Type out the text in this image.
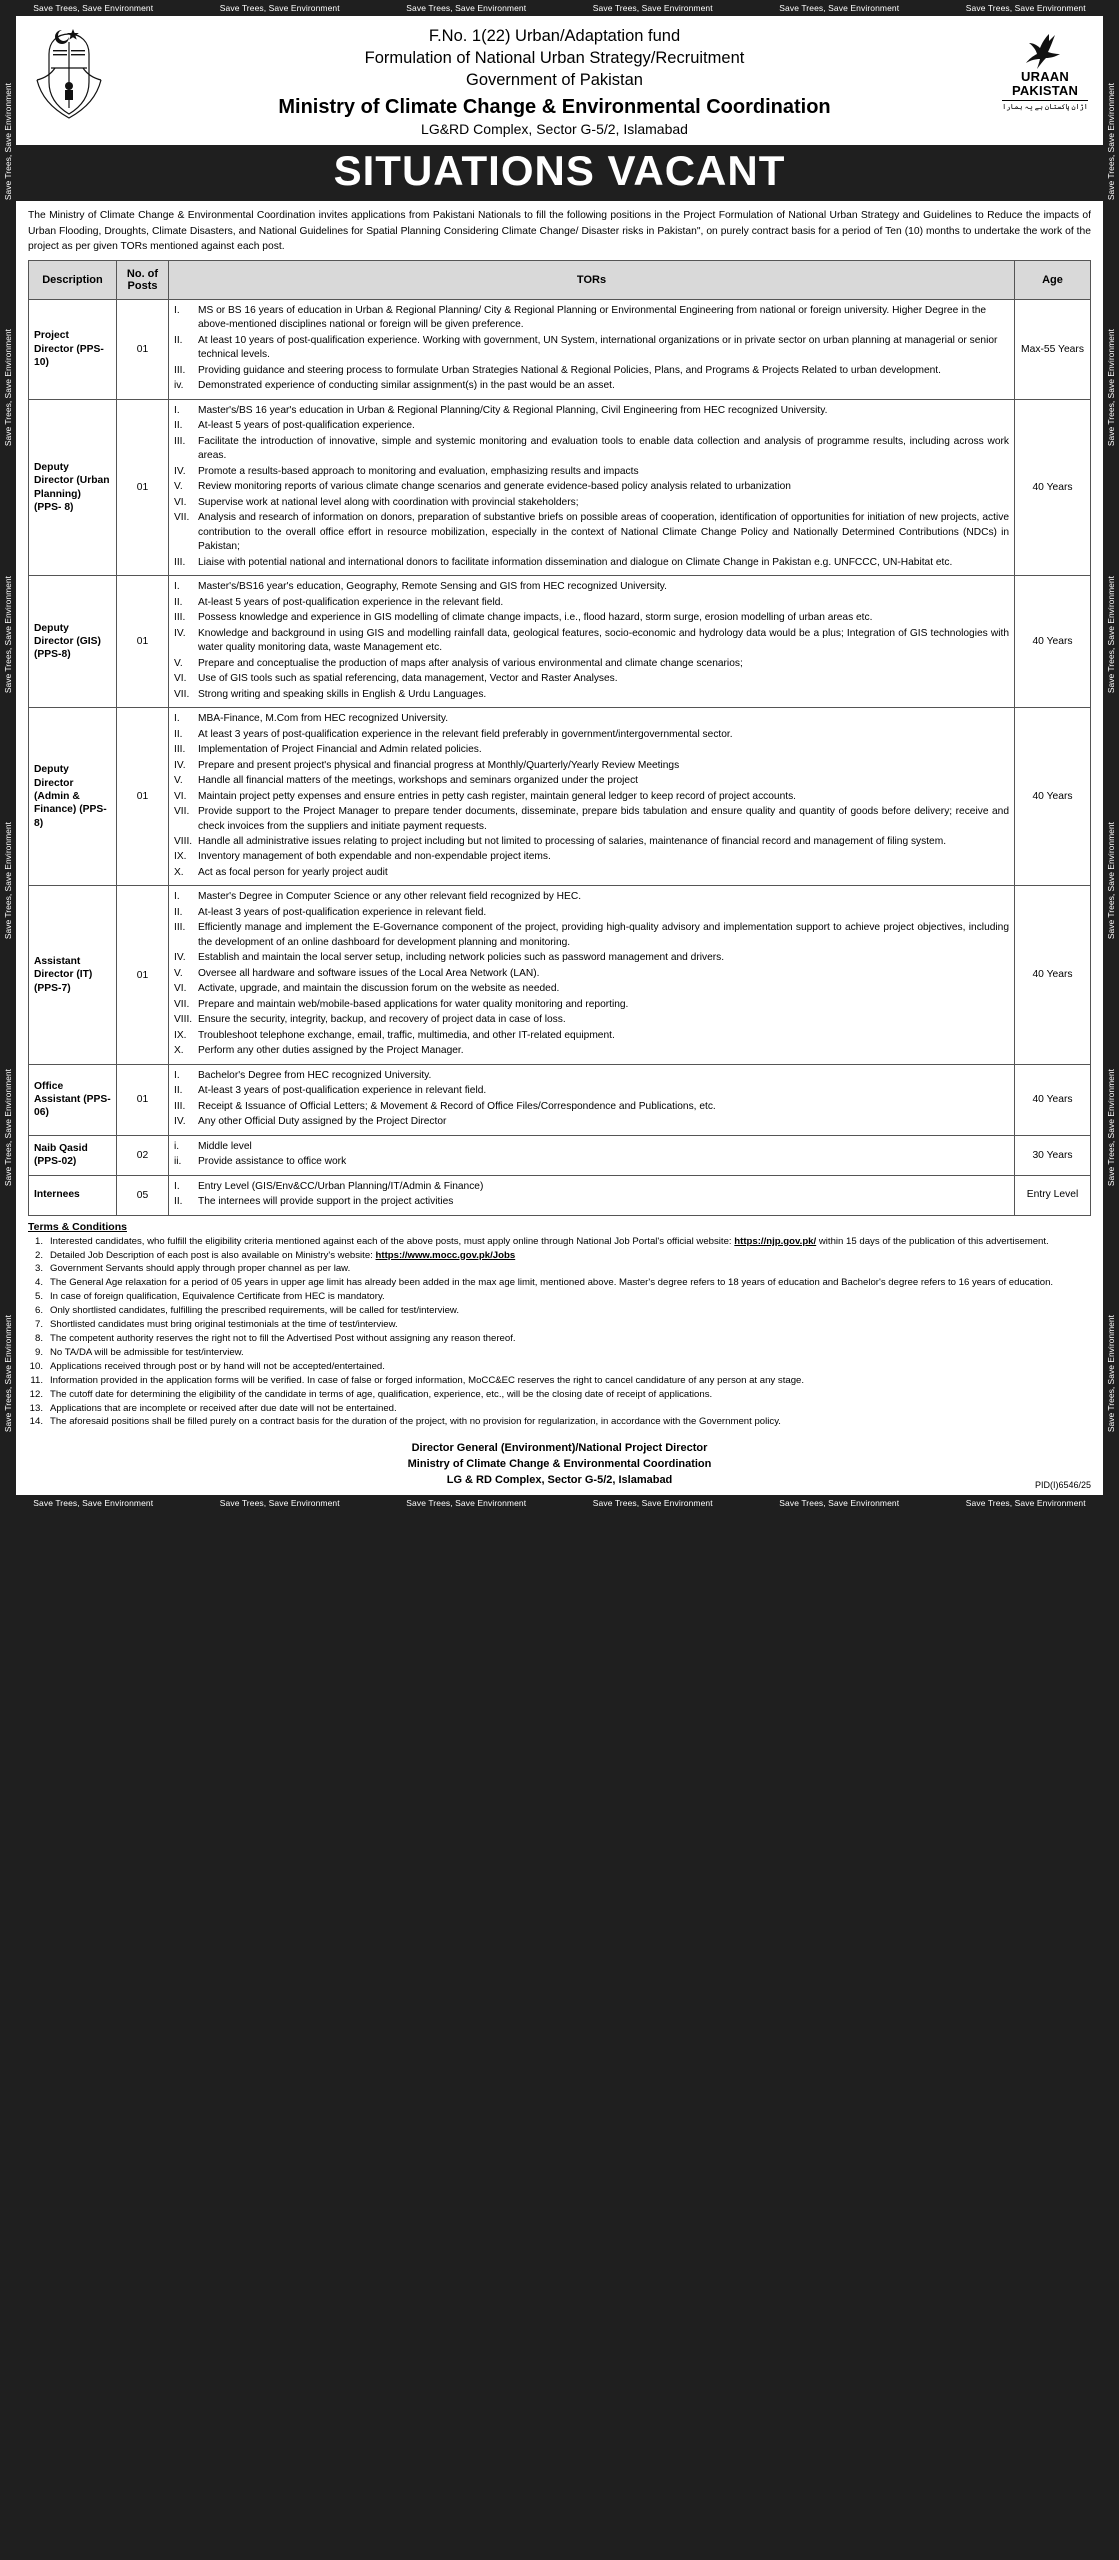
Save Trees, Save Environment	Save Trees, Save Environment	Save Trees, Save Environment	Save Trees, Save Environment	Save Trees, Save Environment	Save Trees, Save Environment
Save Trees, Save Environment
Save Trees, Save Environment
Save Trees, Save Environment
Save Trees, Save Environment
Save Trees, Save Environment
Save Trees, Save Environment
Save Trees, Save Environment
Save Trees, Save Environment
Save Trees, Save Environment
Save Trees, Save Environment
Save Trees, Save Environment
Save Trees, Save Environment
F.No. 1(22) Urban/Adaptation fund
Formulation of National Urban Strategy/Recruitment
Government of Pakistan
Ministry of Climate Change & Environmental Coordination
LG&RD Complex, Sector G-5/2, Islamabad
URAAN
PAKISTAN
اڑان پاکستان ہے یہ ہمارا
SITUATIONS VACANT
The Ministry of Climate Change & Environmental Coordination invites applications from Pakistani Nationals to fill the following positions in the Project Formulation of National Urban Strategy and Guidelines to Reduce the impacts of Urban Flooding, Droughts, Climate Disasters, and National Guidelines for Spatial Planning Considering Climate Change/ Disaster risks in Pakistan", on purely contract basis for a period of Ten (10) months to undertake the work of the project as per given TORs mentioned against each post.
Description	No. of Posts	TORs	Age
Project Director (PPS-10)	01	
I.	MS or BS 16 years of education in Urban & Regional Planning/ City & Regional Planning or Environmental Engineering from national or foreign university. Higher Degree in the above-mentioned disciplines national or foreign will be given preference.
II.	At least 10 years of post-qualification experience. Working with government, UN System, international organizations or in private sector on urban planning at managerial or senior technical levels.
III.	Providing guidance and steering process to formulate Urban Strategies National & Regional Policies, Plans, and Programs & Projects Related to urban development.
iv.	Demonstrated experience of conducting similar assignment(s) in the past would be an asset.
	Max-55 Years
Deputy Director (Urban Planning) (PPS- 8)	01	
I.	Master's/BS 16 year's education in Urban & Regional Planning/City & Regional Planning, Civil Engineering from HEC recognized University.
II.	At-least 5 years of post-qualification experience.
III.	Facilitate the introduction of innovative, simple and systemic monitoring and evaluation tools to enable data collection and analysis of programme results, including across work areas.
IV.	Promote a results-based approach to monitoring and evaluation, emphasizing results and impacts
V.	Review monitoring reports of various climate change scenarios and generate evidence-based policy analysis related to urbanization
VI.	Supervise work at national level along with coordination with provincial stakeholders;
VII. Analysis and research of information on donors, preparation of substantive briefs on possible areas of cooperation, identification of opportunities for initiation of new projects, active contribution to the overall office effort in resource mobilization, especially in the context of National Climate Change Policy and Nationally Determined Contributions (NDCs) in Pakistan;
III.	Liaise with potential national and international donors to facilitate information dissemination and dialogue on Climate Change in Pakistan e.g. UNFCCC, UN-Habitat etc.
	40 Years
Deputy Director (GIS) (PPS-8)	01	
I.	Master's/BS16 year's education, Geography, Remote Sensing and GIS from HEC recognized University.
II.	At-least 5 years of post-qualification experience in the relevant field.
III.	Possess knowledge and experience in GIS modelling of climate change impacts, i.e., flood hazard, storm surge, erosion modelling of urban areas etc.
IV.	Knowledge and background in using GIS and modelling rainfall data, geological features, socio-economic and hydrology data would be a plus; Integration of GIS technologies with water quality monitoring data, waste Management etc.
V.	Prepare and conceptualise the production of maps after analysis of various environmental and climate change scenarios;
VI.	Use of GIS tools such as spatial referencing, data management, Vector and Raster Analyses.
VII. Strong writing and speaking skills in English & Urdu Languages.
	40 Years
Deputy Director (Admin & Finance) (PPS-8)	01	
I.	MBA-Finance, M.Com from HEC recognized University.
II.	At least 3 years of post-qualification experience in the relevant field preferably in government/intergovernmental sector.
III.	Implementation of Project Financial and Admin related policies.
IV.	Prepare and present project's physical and financial progress at Monthly/Quarterly/Yearly Review Meetings
V.	Handle all financial matters of the meetings, workshops and seminars organized under the project
VI.	Maintain project petty expenses and ensure entries in petty cash register, maintain general ledger to keep record of project accounts.
VII. Provide support to the Project Manager to prepare tender documents, disseminate, prepare bids tabulation and ensure quality and quantity of goods before delivery; receive and check invoices from the suppliers and initiate payment requests.
VIII. Handle all administrative issues relating to project including but not limited to processing of salaries, maintenance of financial record and management of filing system.
IX.	Inventory management of both expendable and non-expendable project items.
X.	Act as focal person for yearly project audit
	40 Years
Assistant Director (IT) (PPS-7)	01	
I.	Master's Degree in Computer Science or any other relevant field recognized by HEC.
II.	At-least 3 years of post-qualification experience in relevant field.
III.	Efficiently manage and implement the E-Governance component of the project, providing high-quality advisory and implementation support to achieve project objectives, including the development of an online dashboard for development planning and monitoring.
IV.	Establish and maintain the local server setup, including network policies such as password management and drivers.
V.	Oversee all hardware and software issues of the Local Area Network (LAN).
VI.	Activate, upgrade, and maintain the discussion forum on the website as needed.
VII. Prepare and maintain web/mobile-based applications for water quality monitoring and reporting.
VIII. Ensure the security, integrity, backup, and recovery of project data in case of loss.
IX.	Troubleshoot telephone exchange, email, traffic, multimedia, and other IT-related equipment.
X.	Perform any other duties assigned by the Project Manager.
	40 Years
Office Assistant (PPS-06)	01	
I.	Bachelor's Degree from HEC recognized University.
II.	At-least 3 years of post-qualification experience in relevant field.
III.	Receipt & Issuance of Official Letters; & Movement & Record of Office Files/Correspondence and Publications, etc.
IV.	Any other Official Duty assigned by the Project Director
	40 Years
Naib Qasid (PPS-02)	02	
i.	Middle level
ii.	Provide assistance to office work
	30 Years
Internees	05	
I.	Entry Level (GIS/Env&CC/Urban Planning/IT/Admin & Finance)
II.	The internees will provide support in the project activities
	Entry Level
Terms & Conditions
1. Interested candidates, who fulfill the eligibility criteria mentioned against each of the above posts, must apply online through National Job Portal's official website: https://njp.gov.pk/ within 15 days of the publication of this advertisement.
2. Detailed Job Description of each post is also available on Ministry's website: https://www.mocc.gov.pk/Jobs
3. Government Servants should apply through proper channel as per law.
4. The General Age relaxation for a period of 05 years in upper age limit has already been added in the max age limit, mentioned above. Master's degree refers to 18 years of education and Bachelor's degree refers to 16 years of education.
5. In case of foreign qualification, Equivalence Certificate from HEC is mandatory.
6. Only shortlisted candidates, fulfilling the prescribed requirements, will be called for test/interview.
7. Shortlisted candidates must bring original testimonials at the time of test/interview.
8. The competent authority reserves the right not to fill the Advertised Post without assigning any reason thereof.
9. No TA/DA will be admissible for test/interview.
10. Applications received through post or by hand will not be accepted/entertained.
11. Information provided in the application forms will be verified. In case of false or forged information, MoCC&EC reserves the right to cancel candidature of any person at any stage.
12. The cutoff date for determining the eligibility of the candidate in terms of age, qualification, experience, etc., will be the closing date of receipt of applications.
13. Applications that are incomplete or received after due date will not be entertained.
14. The aforesaid positions shall be filled purely on a contract basis for the duration of the project, with no provision for regularization, in accordance with the Government policy.
Director General (Environment)/National Project Director
Ministry of Climate Change & Environmental Coordination
LG & RD Complex, Sector G-5/2, Islamabad	PID(I)6546/25
Save Trees, Save Environment	Save Trees, Save Environment	Save Trees, Save Environment	Save Trees, Save Environment	Save Trees, Save Environment	Save Trees, Save Environment
